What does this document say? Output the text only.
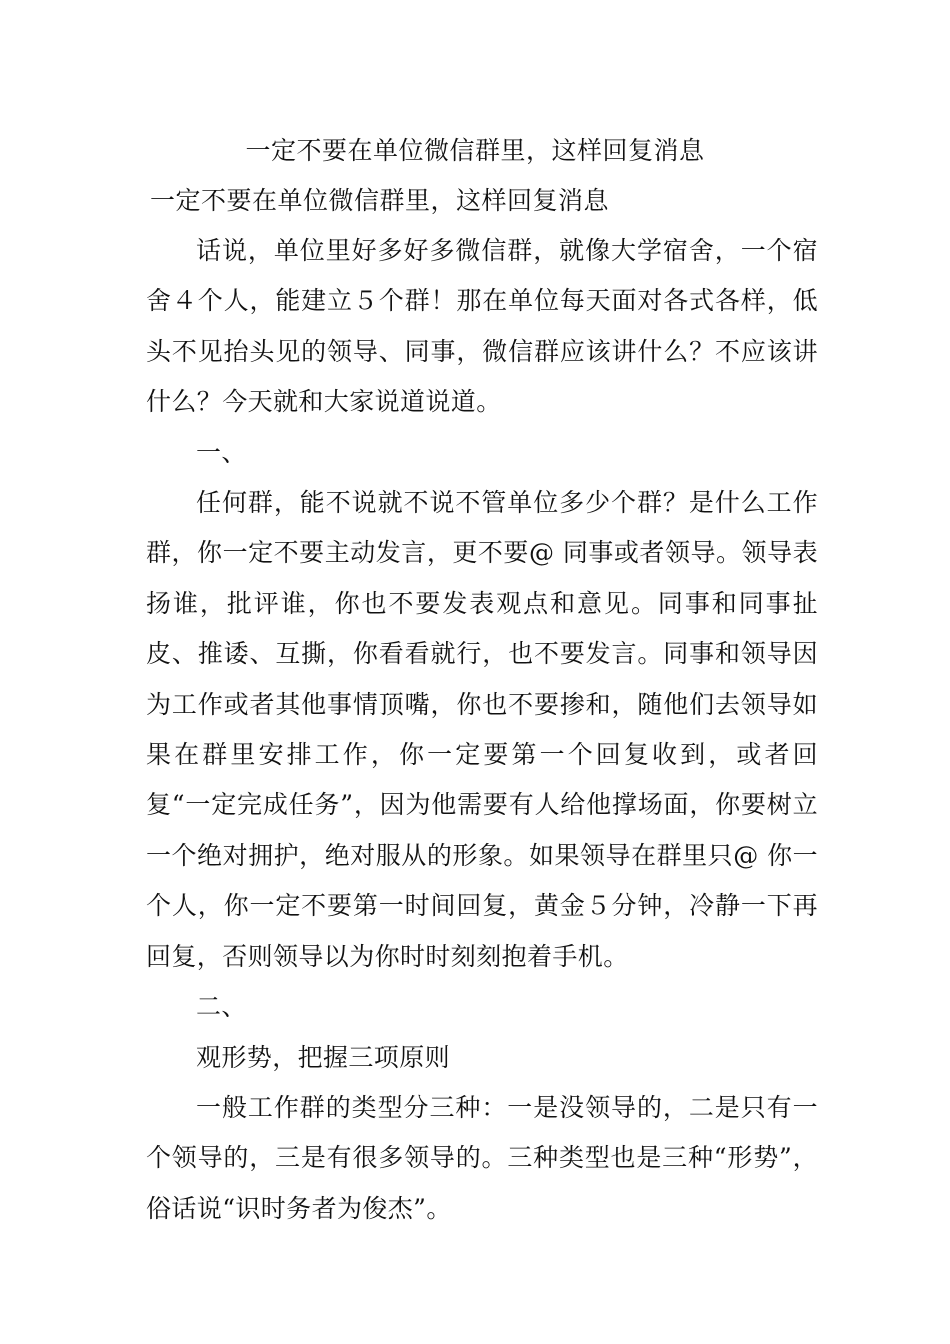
一定不要在单位微信群里，这样回复消息
一定不要在单位微信群里，这样回复消息

话说，单位里好多好多微信群，就像大学宿舍，一个宿舍４个人，能建立５个群！那在单位每天面对各式各样，低头不见抬头见的领导、同事，微信群应该讲什么？不应该讲什么？今天就和大家说道说道。

一、

任何群，能不说就不说不管单位多少个群？是什么工作群，你一定不要主动发言，更不要@ 同事或者领导。领导表扬谁，批评谁，你也不要发表观点和意见。同事和同事扯皮、推诿、互撕，你看看就行，也不要发言。同事和领导因为工作或者其他事情顶嘴，你也不要掺和，随他们去领导如果在群里安排工作，你一定要第一个回复收到，或者回复“一定完成任务”，因为他需要有人给他撑场面，你要树立一个绝对拥护，绝对服从的形象。如果领导在群里只@ 你一个人，你一定不要第一时间回复，黄金５分钟，冷静一下再回复，否则领导以为你时时刻刻抱着手机。

二、

观形势，把握三项原则

一般工作群的类型分三种：一是没领导的，二是只有一个领导的，三是有很多领导的。三种类型也是三种“形势”，俗话说“识时务者为俊杰”。
